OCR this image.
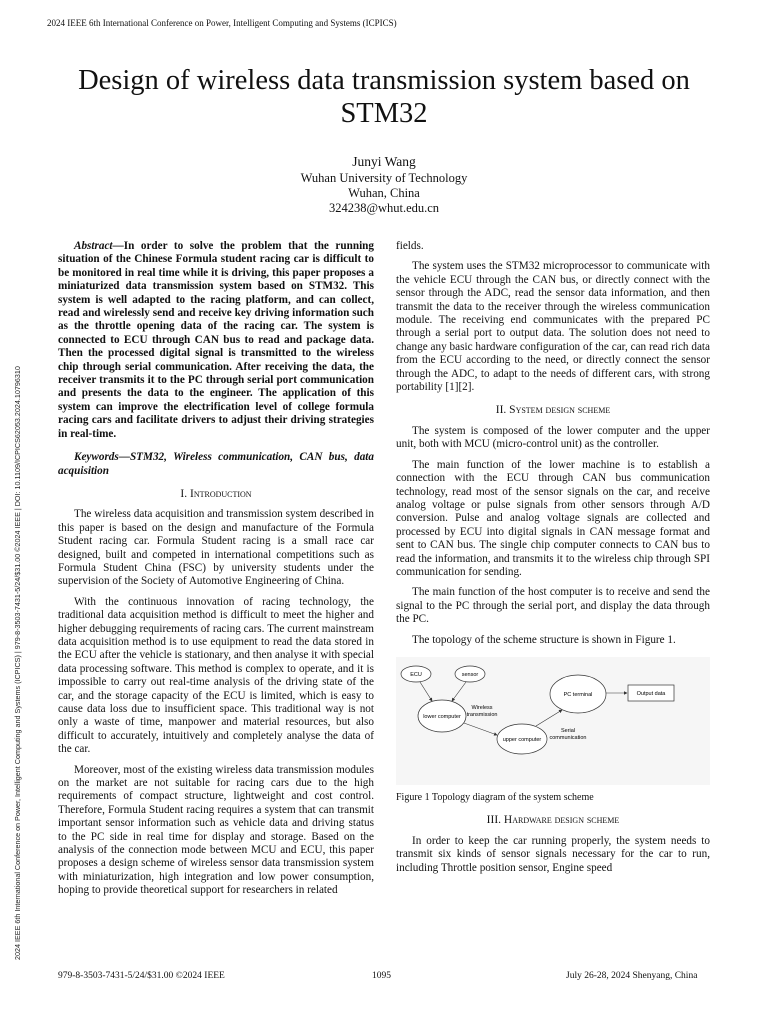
2024 IEEE 6th International Conference on Power, Intelligent Computing and Systems (ICPICS)
2024 IEEE 6th International Conference on Power, Intelligent Computing and Systems (ICPICS) | 979-8-3503-7431-5/24/$31.00 ©2024 IEEE | DOI: 10.1109/ICPICS62053.2024.10796310
Design of wireless data transmission system based on STM32
Junyi Wang
Wuhan University of Technology
Wuhan, China
324238@whut.edu.cn

Abstract—In order to solve the problem that the running situation of the Chinese Formula student racing car is difficult to be monitored in real time while it is driving, this paper proposes a miniaturized data transmission system based on STM32. This system is well adapted to the racing platform, and can collect, read and wirelessly send and receive key driving information such as the throttle opening data of the racing car. The system is connected to ECU through CAN bus to read and package data. Then the processed digital signal is transmitted to the wireless chip through serial communication. After receiving the data, the receiver transmits it to the PC through serial port communication and presents the data to the engineer. The application of this system can improve the electrification level of college formula racing cars and facilitate drivers to adjust their driving strategies in real-time.

Keywords—STM32, Wireless communication, CAN bus, data acquisition

I. Introduction

The wireless data acquisition and transmission system described in this paper is based on the design and manufacture of the Formula Student racing car. Formula Student racing is a small race car designed, built and competed in international competitions such as Formula Student China (FSC) by university students under the supervision of the Society of Automotive Engineering of China.

With the continuous innovation of racing technology, the traditional data acquisition method is difficult to meet the higher and higher debugging requirements of racing cars. The current mainstream data acquisition method is to use equipment to read the data stored in the ECU after the vehicle is stationary, and then analyse it with special data processing software. This method is complex to operate, and it is impossible to carry out real-time analysis of the driving state of the car, and the storage capacity of the ECU is limited, which is easy to cause data loss due to insufficient space. This traditional way is not only a waste of time, manpower and material resources, but also difficult to accurately, intuitively and completely analyse the data of the car.

Moreover, most of the existing wireless data transmission modules on the market are not suitable for racing cars due to the high requirements of compact structure, lightweight and cost control. Therefore, Formula Student racing requires a system that can transmit important sensor information such as vehicle data and driving status to the PC side in real time for display and storage. Based on the analysis of the connection mode between MCU and ECU, this paper proposes a design scheme of wireless sensor data transmission system with miniaturization, high integration and low power consumption, hoping to provide theoretical support for researchers in related

fields.

The system uses the STM32 microprocessor to communicate with the vehicle ECU through the CAN bus, or directly connect with the sensor through the ADC, read the sensor data information, and then transmit the data to the receiver through the wireless communication module. The receiving end communicates with the prepared PC through a serial port to output data. The solution does not need to change any basic hardware configuration of the car, can read rich data from the ECU according to the need, or directly connect the sensor through the ADC, to adapt to the needs of different cars, with strong portability [1][2].

II. System design scheme

The system is composed of the lower computer and the upper unit, both with MCU (micro-control unit) as the controller.

The main function of the lower machine is to establish a connection with the ECU through CAN bus communication technology, read most of the sensor signals on the car, and receive analog voltage or pulse signals from other sensors through A/D conversion. Pulse and analog voltage signals are collected and processed by ECU into digital signals in CAN message format and sent to CAN bus. The single chip computer connects to CAN bus to read the information, and transmits it to the wireless chip through SPI communication for sending.

The main function of the host computer is to receive and send the signal to the PC through the serial port, and display the data through the PC.

The topology of the scheme structure is shown in Figure 1.

ECU	sensor
lower computer
upper computer
PC terminal	Output data
Wireless
transmission
Serial
communication
Figure 1 Topology diagram of the system scheme
III. Hardware design scheme

In order to keep the car running properly, the system needs to transmit six kinds of sensor signals necessary for the car to run, including Throttle position sensor, Engine speed

979-8-3503-7431-5/24/$31.00 ©2024 IEEE	1095	July 26-28, 2024 Shenyang, China
